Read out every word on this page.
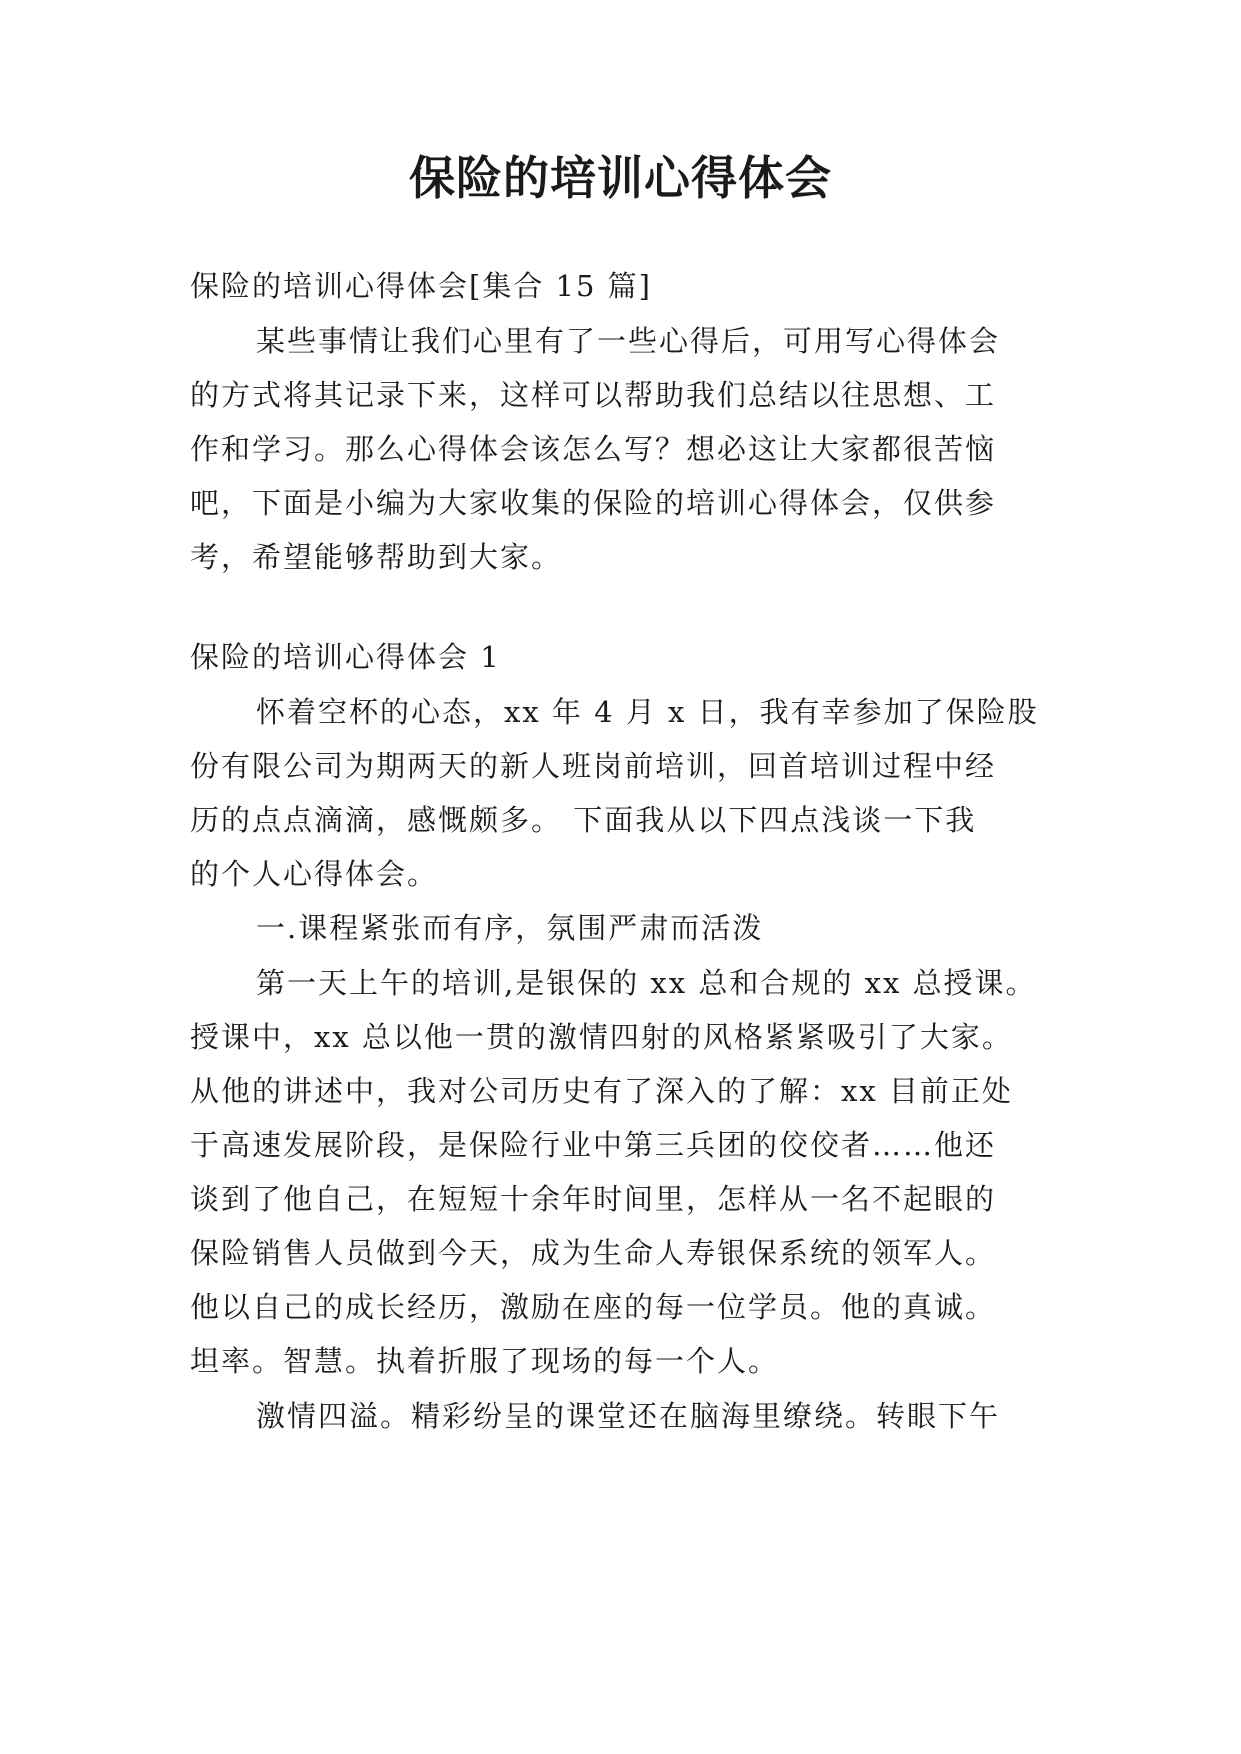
保险的培训心得体会
保险的培训心得体会[集合 15 篇]
某些事情让我们心里有了一些心得后，可用写心得体会
的方式将其记录下来，这样可以帮助我们总结以往思想、工
作和学习。那么心得体会该怎么写？想必这让大家都很苦恼
吧，下面是小编为大家收集的保险的培训心得体会，仅供参
考，希望能够帮助到大家。
保险的培训心得体会 1
怀着空杯的心态，xx 年 4 月 x 日，我有幸参加了保险股
份有限公司为期两天的新人班岗前培训，回首培训过程中经
历的点点滴滴，感慨颇多。 下面我从以下四点浅谈一下我
的个人心得体会。
一.课程紧张而有序，氛围严肃而活泼
第一天上午的培训,是银保的 xx 总和合规的 xx 总授课。
授课中，xx 总以他一贯的激情四射的风格紧紧吸引了大家。
从他的讲述中，我对公司历史有了深入的了解：xx 目前正处
于高速发展阶段，是保险行业中第三兵团的佼佼者……他还
谈到了他自己，在短短十余年时间里，怎样从一名不起眼的
保险销售人员做到今天，成为生命人寿银保系统的领军人。
他以自己的成长经历，激励在座的每一位学员。他的真诚。
坦率。智慧。执着折服了现场的每一个人。
激情四溢。精彩纷呈的课堂还在脑海里缭绕。转眼下午
